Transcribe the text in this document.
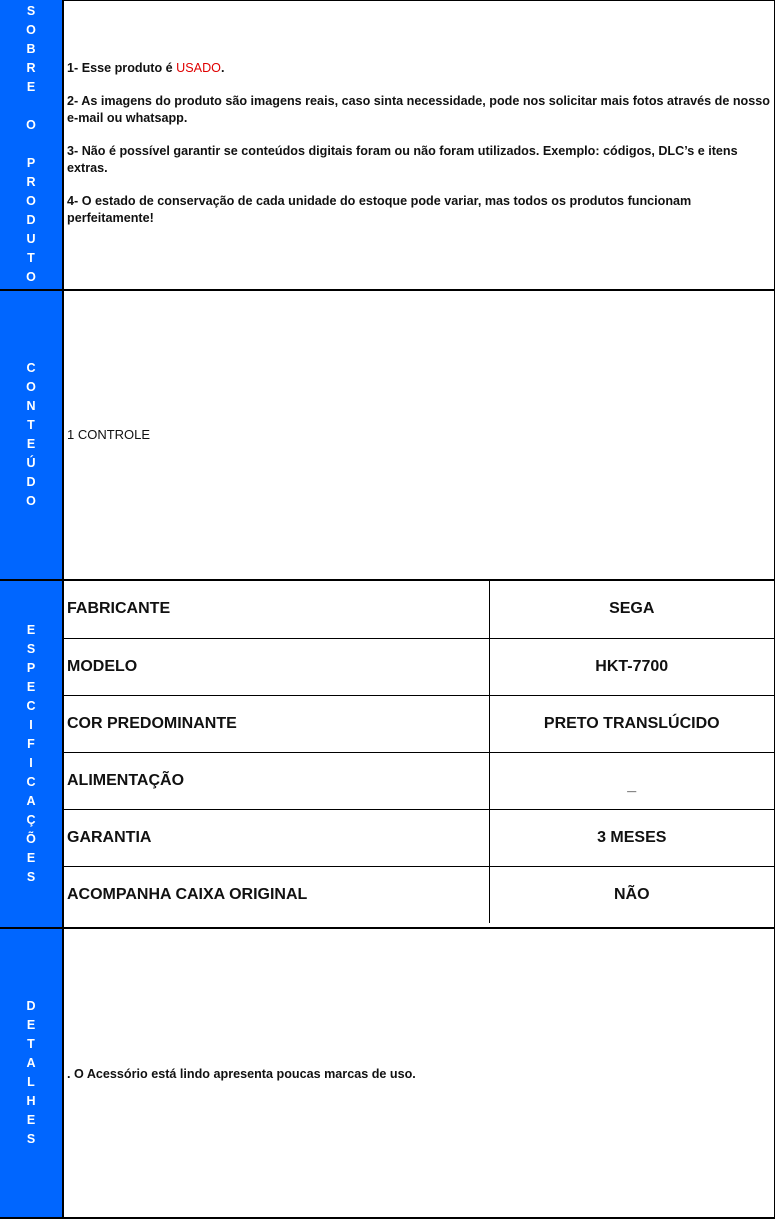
S
O
B
R
E

O

P
R
O
D
U
T
O

1- Esse produto é USADO.

2- As imagens do produto são imagens reais, caso sinta necessidade, pode nos solicitar mais fotos através de nosso e-mail ou whatsapp.

3- Não é possível garantir se conteúdos digitais foram ou não foram utilizados. Exemplo: códigos, DLC’s e itens extras.

4- O estado de conservação de cada unidade do estoque pode variar, mas todos os produtos funcionam perfeitamente!

C
O
N
T
E
Ú
D
O
1 CONTROLE
E
S
P
E
C
I
F
I
C
A
Ç
Õ
E
S
FABRICANTE	SEGA
MODELO	HKT-7700
COR PREDOMINANTE	PRETO TRANSLÚCIDO
ALIMENTAÇÃO	_
GARANTIA	3 MESES
ACOMPANHA CAIXA ORIGINAL	NÃO
D
E
T
A
L
H
E
S
. O Acessório está lindo apresenta poucas marcas de uso.
